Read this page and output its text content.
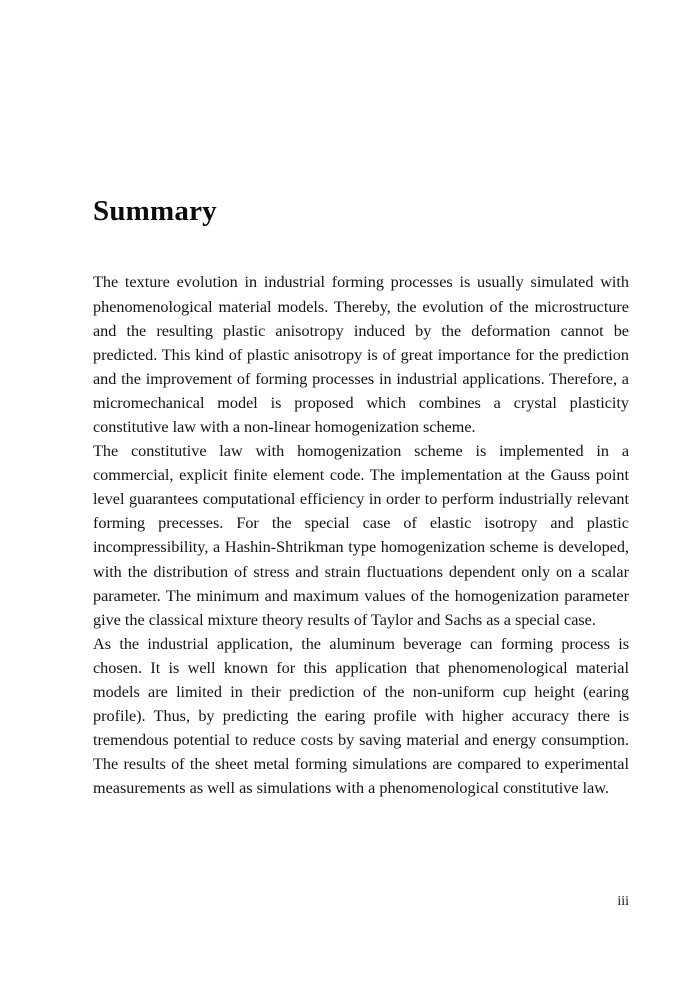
Summary

The texture evolution in industrial forming processes is usually simulated with phenomenological material models. Thereby, the evolution of the microstructure and the resulting plastic anisotropy induced by the deformation cannot be predicted. This kind of plastic anisotropy is of great importance for the prediction and the improvement of forming processes in industrial applications. Therefore, a micromechanical model is proposed which combines a crystal plasticity constitutive law with a non-linear homogenization scheme.

The constitutive law with homogenization scheme is implemented in a commercial, explicit finite element code. The implementation at the Gauss point level guarantees computational efficiency in order to perform industrially relevant forming precesses. For the special case of elastic isotropy and plastic incompressibility, a Hashin-Shtrikman type homogenization scheme is developed, with the distribution of stress and strain fluctuations dependent only on a scalar parameter. The minimum and maximum values of the homogenization parameter give the classical mixture theory results of Taylor and Sachs as a special case.

As the industrial application, the aluminum beverage can forming process is chosen. It is well known for this application that phenomenological material models are limited in their prediction of the non-uniform cup height (earing profile). Thus, by predicting the earing profile with higher accuracy there is tremendous potential to reduce costs by saving material and energy consumption. The results of the sheet metal forming simulations are compared to experimental measurements as well as simulations with a phenomenological constitutive law.

iii
